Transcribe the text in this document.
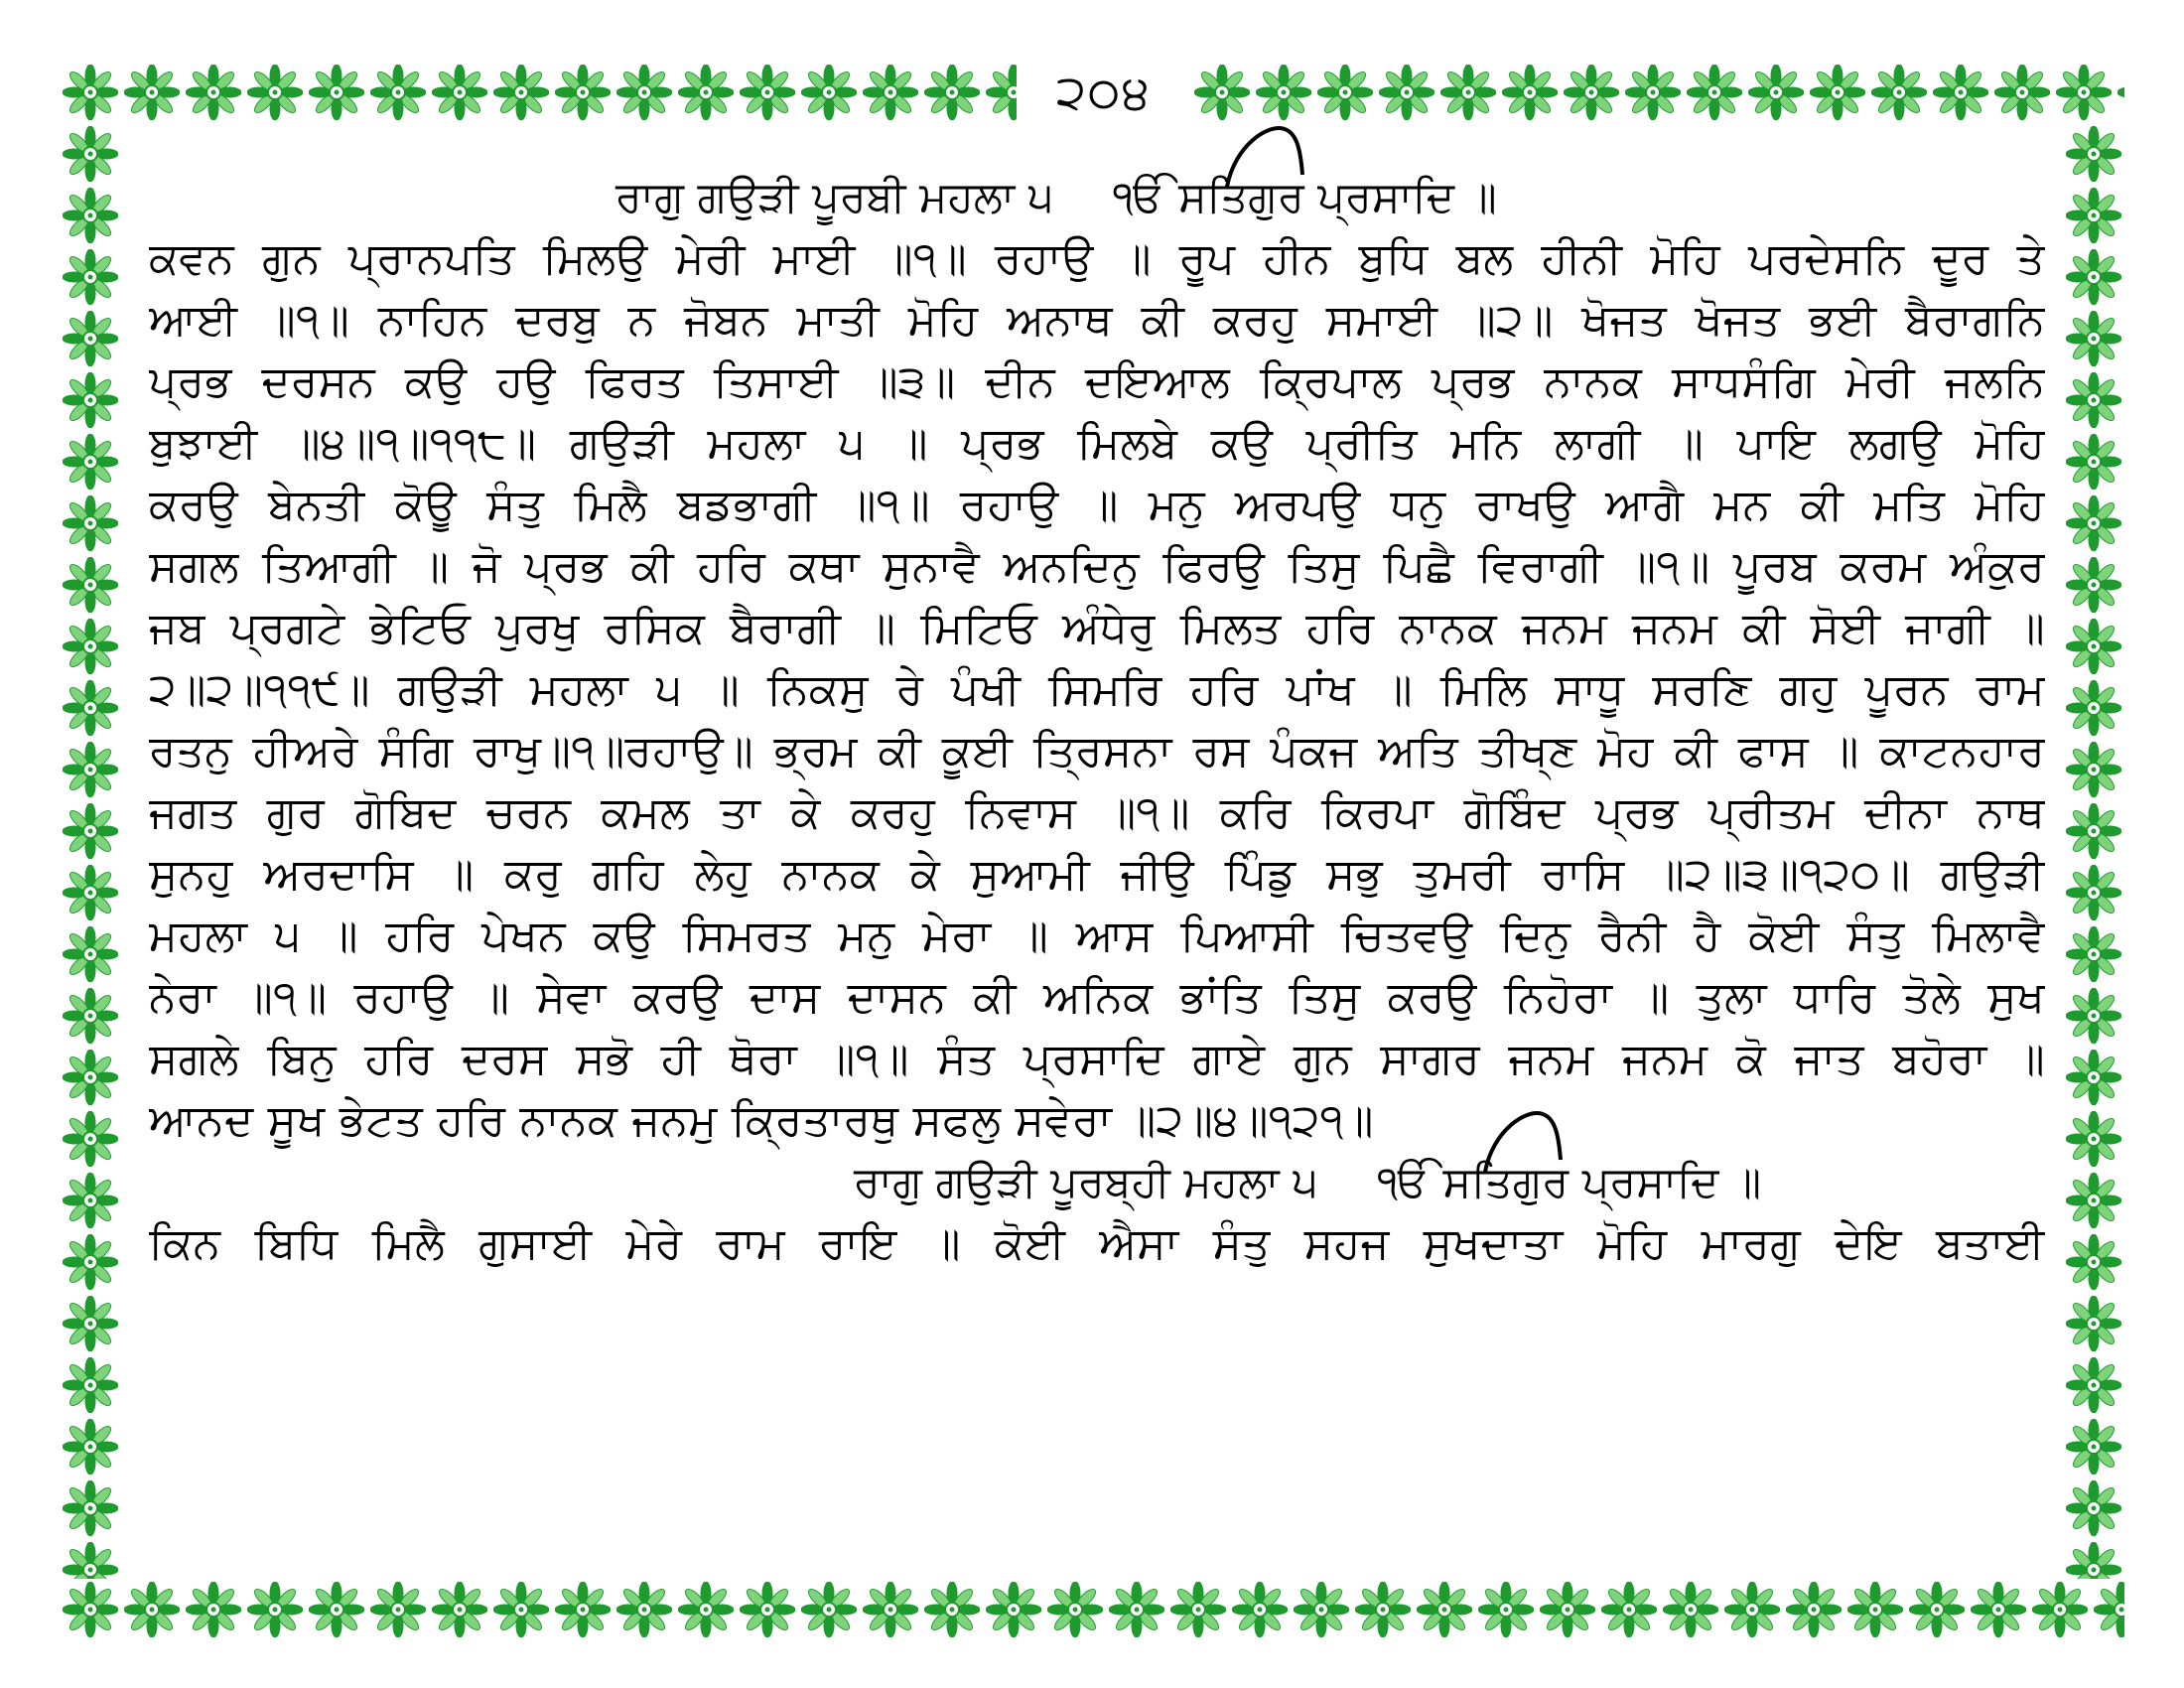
੨੦੪
ਰਾਗੁ ਗਉੜੀ ਪੂਰਬੀ ਮਹਲਾ ੫ ੴ ਸਤਿਗੁਰ ਪ੍ਰਸਾਦਿ ॥
ਕਵਨ ਗੁਨ ਪ੍ਰਾਨਪਤਿ ਮਿਲਉ ਮੇਰੀ ਮਾਈ ॥੧॥ ਰਹਾਉ ॥ ਰੂਪ ਹੀਨ ਬੁਧਿ ਬਲ ਹੀਨੀ ਮੋਹਿ ਪਰਦੇਸਨਿ ਦੂਰ ਤੇ
ਆਈ ॥੧॥ ਨਾਹਿਨ ਦਰਬੁ ਨ ਜੋਬਨ ਮਾਤੀ ਮੋਹਿ ਅਨਾਥ ਕੀ ਕਰਹੁ ਸਮਾਈ ॥੨॥ ਖੋਜਤ ਖੋਜਤ ਭਈ ਬੈਰਾਗਨਿ
ਪ੍ਰਭ ਦਰਸਨ ਕਉ ਹਉ ਫਿਰਤ ਤਿਸਾਈ ॥੩॥ ਦੀਨ ਦਇਆਲ ਕ੍ਰਿਪਾਲ ਪ੍ਰਭ ਨਾਨਕ ਸਾਧਸੰਗਿ ਮੇਰੀ ਜਲਨਿ
ਬੁਝਾਈ ॥੪॥੧॥੧੧੮॥ ਗਉੜੀ ਮਹਲਾ ੫ ॥ ਪ੍ਰਭ ਮਿਲਬੇ ਕਉ ਪ੍ਰੀਤਿ ਮਨਿ ਲਾਗੀ ॥ ਪਾਇ ਲਗਉ ਮੋਹਿ
ਕਰਉ ਬੇਨਤੀ ਕੋਊ ਸੰਤੁ ਮਿਲੈ ਬਡਭਾਗੀ ॥੧॥ ਰਹਾਉ ॥ ਮਨੁ ਅਰਪਉ ਧਨੁ ਰਾਖਉ ਆਗੈ ਮਨ ਕੀ ਮਤਿ ਮੋਹਿ
ਸਗਲ ਤਿਆਗੀ ॥ ਜੋ ਪ੍ਰਭ ਕੀ ਹਰਿ ਕਥਾ ਸੁਨਾਵੈ ਅਨਦਿਨੁ ਫਿਰਉ ਤਿਸੁ ਪਿਛੈ ਵਿਰਾਗੀ ॥੧॥ ਪੂਰਬ ਕਰਮ ਅੰਕੁਰ
ਜਬ ਪ੍ਰਗਟੇ ਭੇਟਿਓ ਪੁਰਖੁ ਰਸਿਕ ਬੈਰਾਗੀ ॥ ਮਿਟਿਓ ਅੰਧੇਰੁ ਮਿਲਤ ਹਰਿ ਨਾਨਕ ਜਨਮ ਜਨਮ ਕੀ ਸੋਈ ਜਾਗੀ ॥
੨॥੨॥੧੧੯॥ ਗਉੜੀ ਮਹਲਾ ੫ ॥ ਨਿਕਸੁ ਰੇ ਪੰਖੀ ਸਿਮਰਿ ਹਰਿ ਪਾਂਖ ॥ ਮਿਲਿ ਸਾਧੂ ਸਰਣਿ ਗਹੁ ਪੂਰਨ ਰਾਮ
ਰਤਨੁ ਹੀਅਰੇ ਸੰਗਿ ਰਾਖੁ॥੧॥ਰਹਾਉ॥ ਭ੍ਰਮ ਕੀ ਕੂਈ ਤ੍ਰਿਸਨਾ ਰਸ ਪੰਕਜ ਅਤਿ ਤੀਖ੍ਣ ਮੋਹ ਕੀ ਫਾਸ ॥ ਕਾਟਨਹਾਰ
ਜਗਤ ਗੁਰ ਗੋਬਿਦ ਚਰਨ ਕਮਲ ਤਾ ਕੇ ਕਰਹੁ ਨਿਵਾਸ ॥੧॥ ਕਰਿ ਕਿਰਪਾ ਗੋਬਿੰਦ ਪ੍ਰਭ ਪ੍ਰੀਤਮ ਦੀਨਾ ਨਾਥ
ਸੁਨਹੁ ਅਰਦਾਸਿ ॥ ਕਰੁ ਗਹਿ ਲੇਹੁ ਨਾਨਕ ਕੇ ਸੁਆਮੀ ਜੀਉ ਪਿੰਡੁ ਸਭੁ ਤੁਮਰੀ ਰਾਸਿ ॥੨॥੩॥੧੨੦॥ ਗਉੜੀ
ਮਹਲਾ ੫ ॥ ਹਰਿ ਪੇਖਨ ਕਉ ਸਿਮਰਤ ਮਨੁ ਮੇਰਾ ॥ ਆਸ ਪਿਆਸੀ ਚਿਤਵਉ ਦਿਨੁ ਰੈਨੀ ਹੈ ਕੋਈ ਸੰਤੁ ਮਿਲਾਵੈ
ਨੇਰਾ ॥੧॥ ਰਹਾਉ ॥ ਸੇਵਾ ਕਰਉ ਦਾਸ ਦਾਸਨ ਕੀ ਅਨਿਕ ਭਾਂਤਿ ਤਿਸੁ ਕਰਉ ਨਿਹੋਰਾ ॥ ਤੁਲਾ ਧਾਰਿ ਤੋਲੇ ਸੁਖ
ਸਗਲੇ ਬਿਨੁ ਹਰਿ ਦਰਸ ਸਭੋ ਹੀ ਥੋਰਾ ॥੧॥ ਸੰਤ ਪ੍ਰਸਾਦਿ ਗਾਏ ਗੁਨ ਸਾਗਰ ਜਨਮ ਜਨਮ ਕੋ ਜਾਤ ਬਹੋਰਾ ॥
ਆਨਦ ਸੂਖ ਭੇਟਤ ਹਰਿ ਨਾਨਕ ਜਨਮੁ ਕ੍ਰਿਤਾਰਥੁ ਸਫਲੁ ਸਵੇਰਾ ॥੨॥੪॥੧੨੧॥
ਰਾਗੁ ਗਉੜੀ ਪੂਰਬ੍ਹੀ ਮਹਲਾ ੫ ੴ ਸਤਿਗੁਰ ਪ੍ਰਸਾਦਿ ॥
ਕਿਨ ਬਿਧਿ ਮਿਲੈ ਗੁਸਾਈ ਮੇਰੇ ਰਾਮ ਰਾਇ ॥ ਕੋਈ ਐਸਾ ਸੰਤੁ ਸਹਜ ਸੁਖਦਾਤਾ ਮੋਹਿ ਮਾਰਗੁ ਦੇਇ ਬਤਾਈ
